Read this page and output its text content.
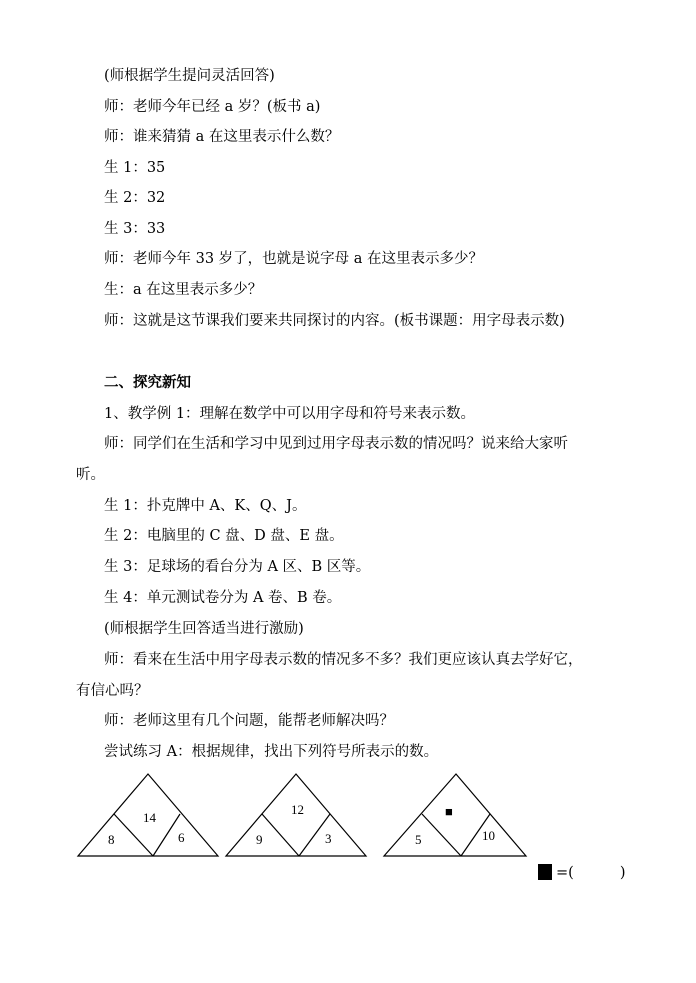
(师根据学生提问灵活回答)
师：老师今年已经 a 岁？(板书 a)
师：谁来猜猜 a 在这里表示什么数？
生 1：35
生 2：32
生 3：33
师：老师今年 33 岁了，也就是说字母 a 在这里表示多少？
生：a 在这里表示多少？
师：这就是这节课我们要来共同探讨的内容。(板书课题：用字母表示数)
二、探究新知
1、教学例 1：理解在数学中可以用字母和符号来表示数。
师：同学们在生活和学习中见到过用字母表示数的情况吗？说来给大家听
听。
生 1：扑克牌中 A、K、Q、J。
生 2：电脑里的 C 盘、D 盘、E 盘。
生 3：足球场的看台分为 A 区、B 区等。
生 4：单元测试卷分为 A 卷、B 卷。
(师根据学生回答适当进行激励)
师：看来在生活中用字母表示数的情况多不多？我们更应该认真去学好它，
有信心吗？
师：老师这里有几个问题，能帮老师解决吗？
尝试练习 A：根据规律，找出下列符号所表示的数。
14
8	6
12
9	3
■
5	10
=(          )
